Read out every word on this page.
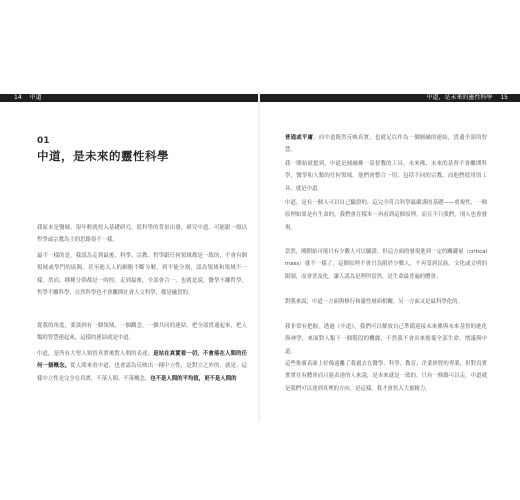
14 中道	中道，是未來的靈性科學 15
01
中道，是未來的靈性科學

我原本是醫師，很年輕就投入基礎研究，從科學的背景出發，研究中道，可能跟一般以哲學或宗教為主的思路很不一樣。

最不一樣的是，我認為走到最後，科學、宗教、哲學跟任何領域都是一致的，不會有個領域或學門的區隔。甚至進入人的細胞不斷分解，到不能分割，認為領域和領域不一樣，然而，種種分別都是一時的。走到最後，全部會合一，也就是說，醫學不離哲學，哲學不離科學，自然科學也不會離開社會人文科學，都是融貫的。

從我的角度，要談到有一個領域、一個觀念，一個共同的連結，把全部貫通起來，把人類的智慧連起來，這樣的連結就是中道。

中道，是所有大聖人領悟真實後對人間的表達，是站在真實看一切，不會落在人間的任何一個概念。從人間來看中道，也會認為反映出一種中立性，是對立之外的，就是、這樣中立性是完全在真實，不落人間、不落概念，也不是人間的平均值，更不是人間的

普通或平庸。而中道既然反映真實，也就足以作為一個圓融的連結，貫通全部的智慧。

我一開始就提到，中道是圓融佛一基督教的工具，未來佛、未來的基督不會離開科學，醫學和人類的任何領域。他們會整合一切，包括不同的宗教，而他們使用的工具，就是中道。

中道，是有一個人可以自己驗證的，這完全符合科學最嚴謹的基礎——重複性，一個原理如果是有生命的，我們會在樣本一再看到這個原理，而且不只我們，別人也會發現。

當然，剛開始可能只有少數人可以驗證，但這方面的發現進到一定的關鍵量（critical mass）就不一樣了。這個原理不會只為限於少數人，不再受到民族、文化或文明的限制，而會普及化，讓人認為是理所當然，是生命最普遍的體會。

對我來說，中道一方面與修行和靈性層面相關，另一方面又是最科學化的。

我非常有把握，透過《中道》，我們可以解放自己準備迎接未來佛與未來基督的進化與神學，來面對人類下一個階段的機緣，不然我不會出來擔憂全部生命，增議與中道。

這些推廣表面上好像遠離了我過去在醫學、科學、教育、企業經營的專業，但對真實實實在有體會而且能表達的人來說，是本來就是一致的，只有一條路可以走。中道就是我們可以達到真理的方向，是這樣，我才會投入大量精力。
